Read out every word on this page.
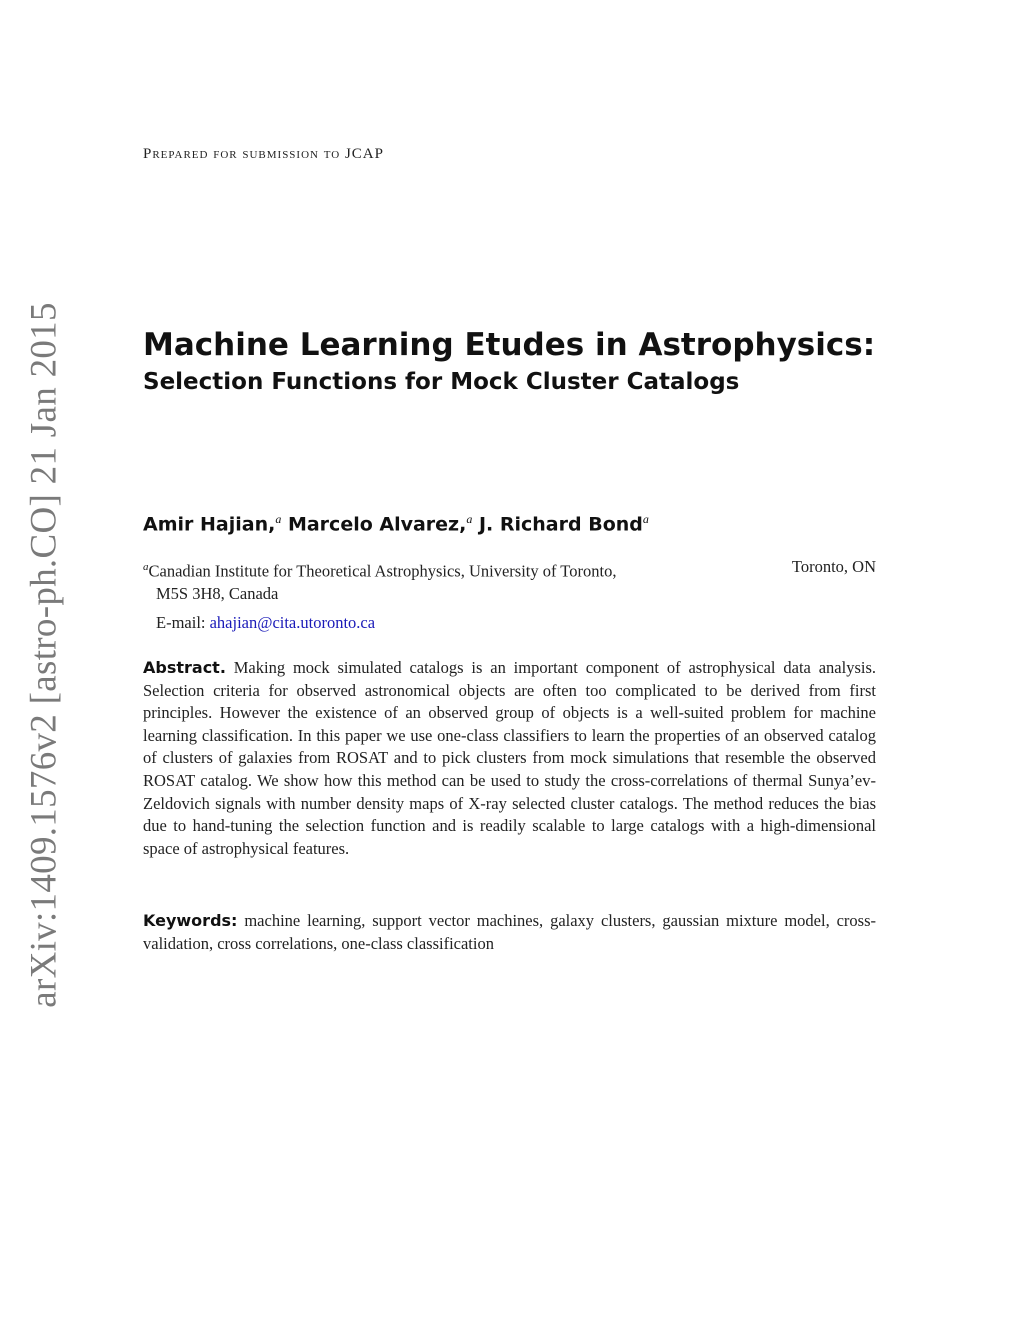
arXiv:1409.1576v2 [astro-ph.CO] 21 Jan 2015
Prepared for submission to JCAP
Machine Learning Etudes in Astrophysics:
Selection Functions for Mock Cluster Catalogs
Amir Hajian,$^a$ Marcelo Alvarez,$^a$ J. Richard Bond$^a$
$^a$Canadian Institute for Theoretical Astrophysics, University of Toronto,	Toronto, ON
M5S 3H8, Canada
E-mail: ahajian@cita.utoronto.ca
Abstract. Making mock simulated catalogs is an important component of astrophysical data analysis. Selection criteria for observed astronomical objects are often too complicated to be derived from first principles. However the existence of an observed group of objects is a well-suited problem for machine learning classification. In this paper we use one-class classifiers to learn the properties of an observed catalog of clusters of galaxies from ROSAT and to pick clusters from mock simulations that resemble the observed ROSAT catalog. We show how this method can be used to study the cross-correlations of thermal Sunya’ev-Zeldovich signals with number density maps of X-ray selected cluster catalogs. The method reduces the bias due to hand-tuning the selection function and is readily scalable to large catalogs with a high-dimensional space of astrophysical features.
Keywords: machine learning, support vector machines, galaxy clusters, gaussian mixture model, cross-validation, cross correlations, one-class classification
